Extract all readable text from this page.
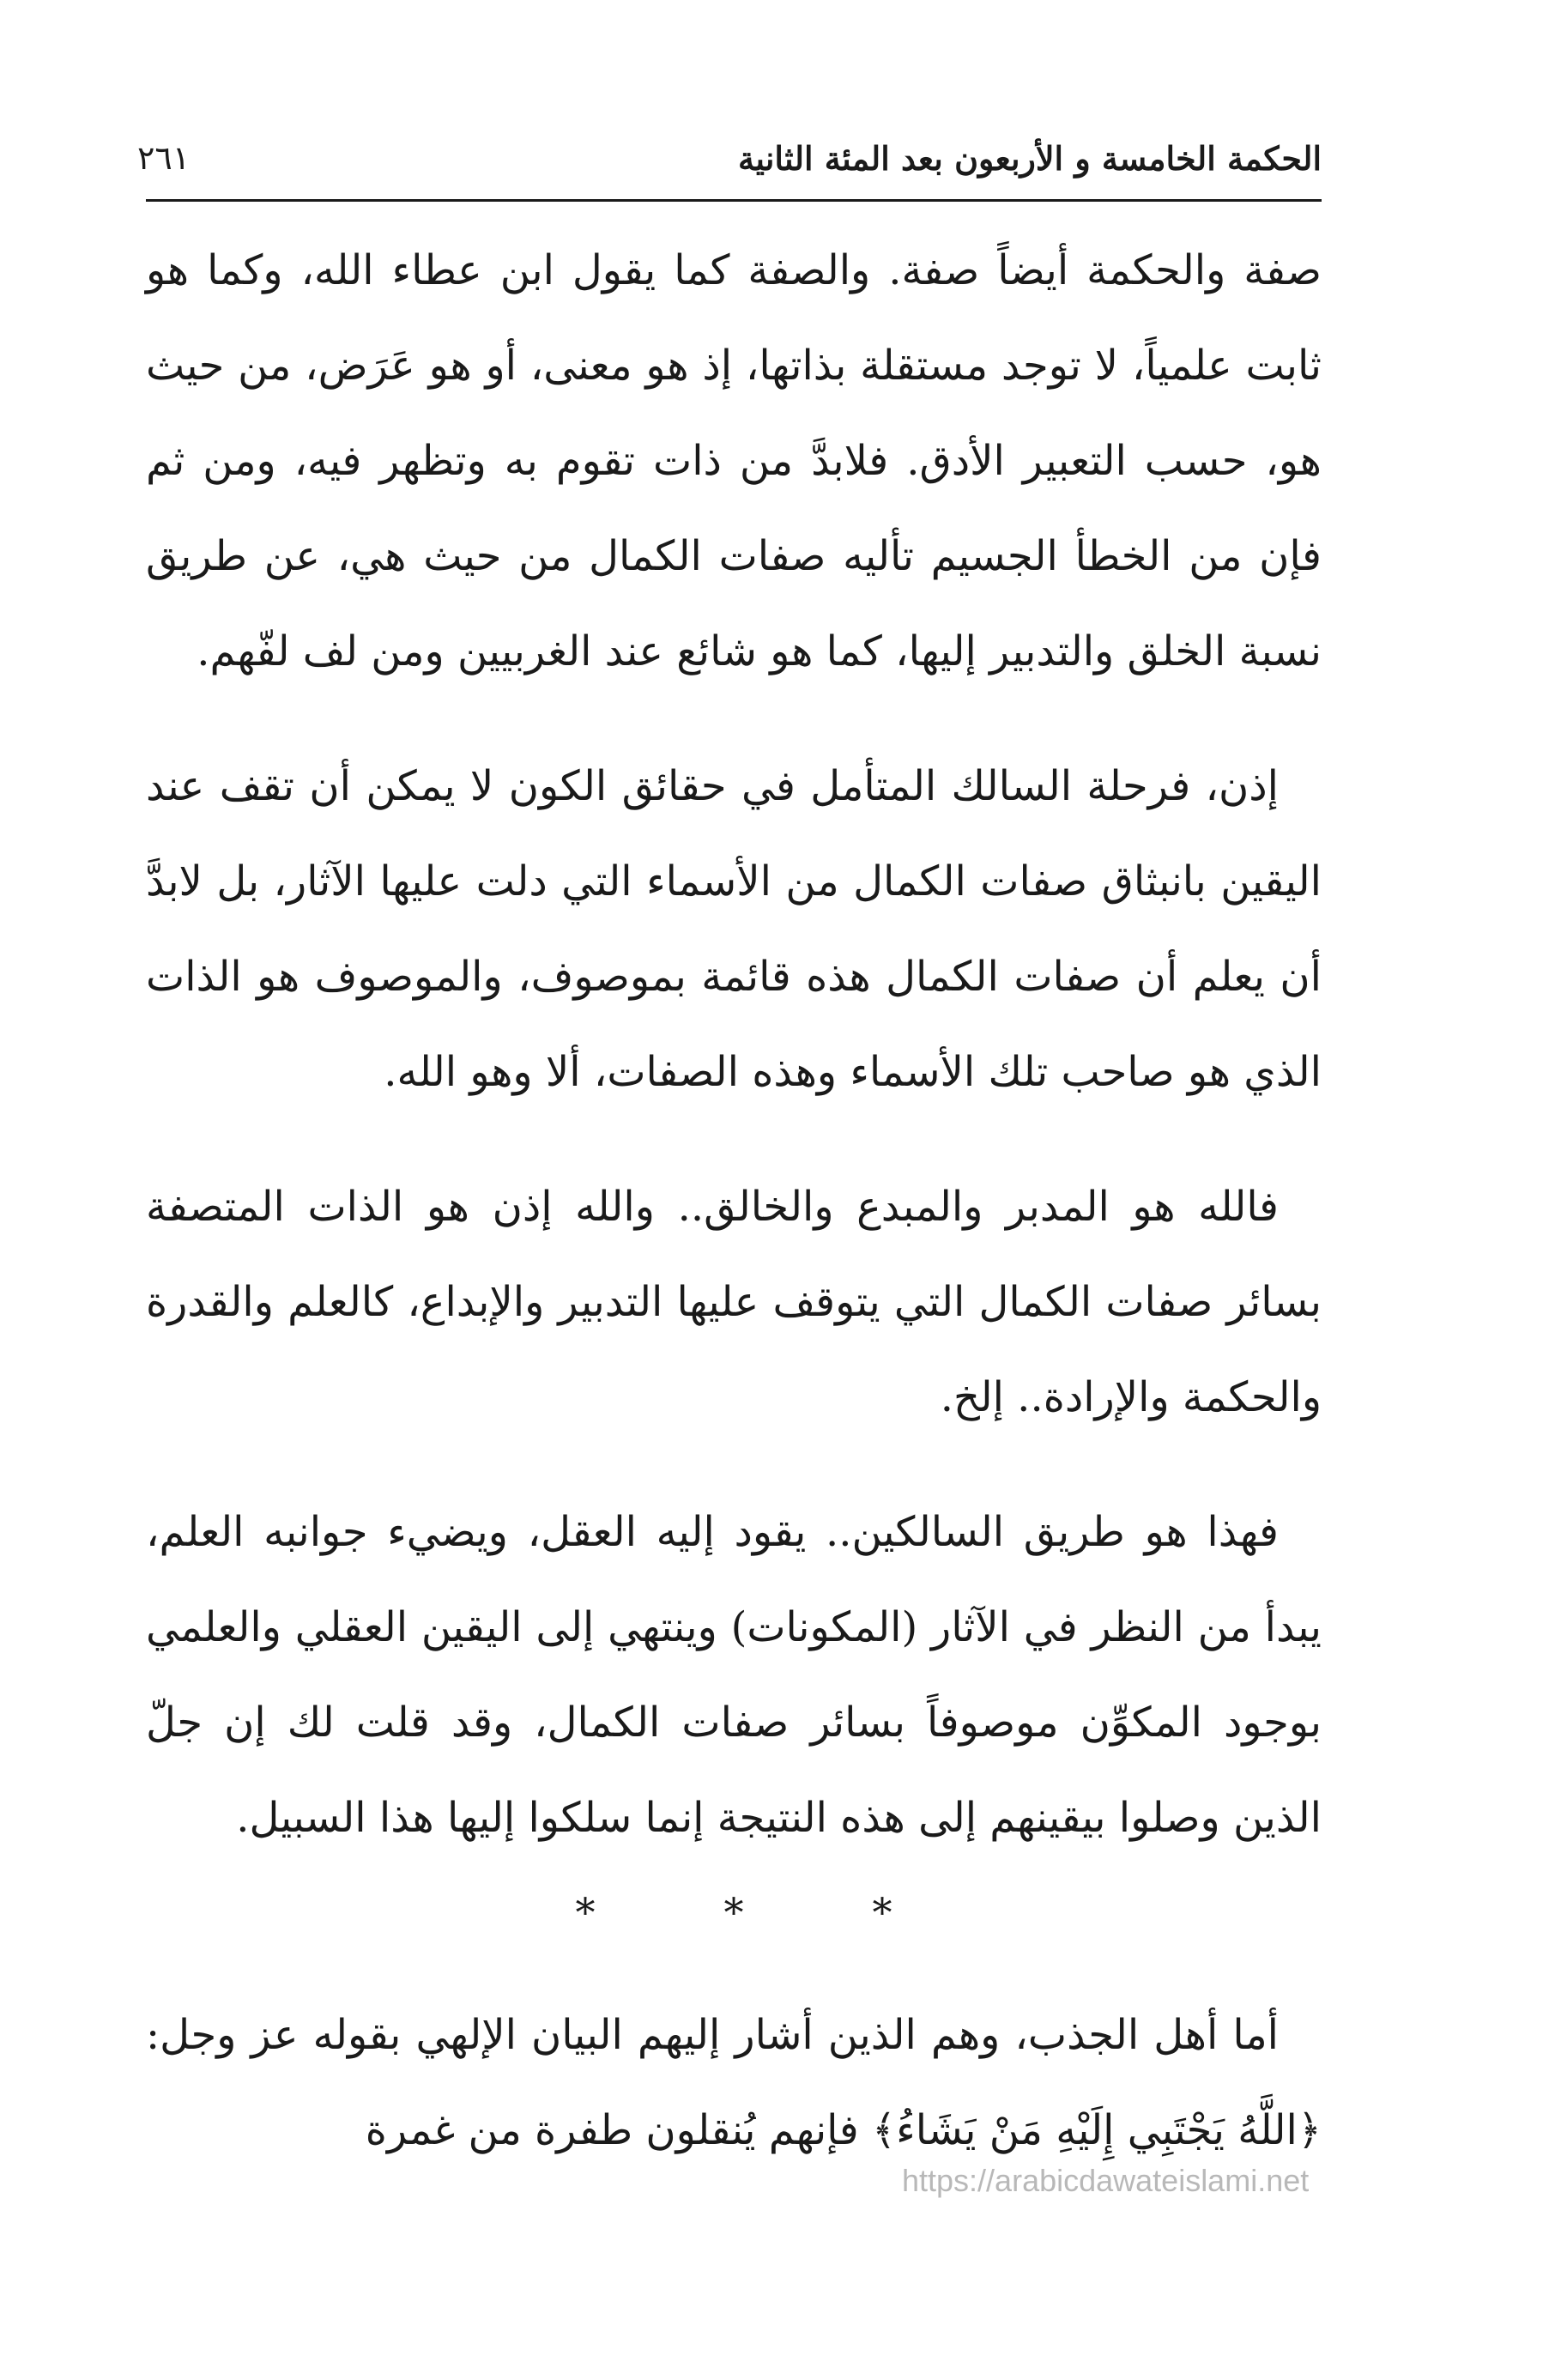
الحكمة الخامسة و الأربعون بعد المئة الثانية
٢٦١

صفة والحكمة أيضاً صفة. والصفة كما يقول ابن عطاء الله، وكما هو ثابت علمياً، لا توجد مستقلة بذاتها، إذ هو معنى، أو هو عَرَض، من حيث هو، حسب التعبير الأدق. فلابدَّ من ذات تقوم به وتظهر فيه، ومن ثم فإن من الخطأ الجسيم تأليه صفات الكمال من حيث هي، عن طريق نسبة الخلق والتدبير إليها، كما هو شائع عند الغربيين ومن لف لفّهم.

إذن، فرحلة السالك المتأمل في حقائق الكون لا يمكن أن تقف عند اليقين بانبثاق صفات الكمال من الأسماء التي دلت عليها الآثار، بل لابدَّ أن يعلم أن صفات الكمال هذه قائمة بموصوف، والموصوف هو الذات الذي هو صاحب تلك الأسماء وهذه الصفات، ألا وهو الله.

فالله هو المدبر والمبدع والخالق.. والله إذن هو الذات المتصفة بسائر صفات الكمال التي يتوقف عليها التدبير والإبداع، كالعلم والقدرة والحكمة والإرادة.. إلخ.

فهذا هو طريق السالكين.. يقود إليه العقل، ويضيء جوانبه العلم، يبدأ من النظر في الآثار (المكونات) وينتهي إلى اليقين العقلي والعلمي بوجود المكوِّن موصوفاً بسائر صفات الكمال، وقد قلت لك إن جلّ الذين وصلوا بيقينهم إلى هذه النتيجة إنما سلكوا إليها هذا السبيل.

*	*	*

أما أهل الجذب، وهم الذين أشار إليهم البيان الإلهي بقوله عز وجل: ﴿اللَّهُ يَجْتَبِي إِلَيْهِ مَنْ يَشَاءُ﴾ فإنهم يُنقلون طفرة من غمرة

https://arabicdawateislami.net
